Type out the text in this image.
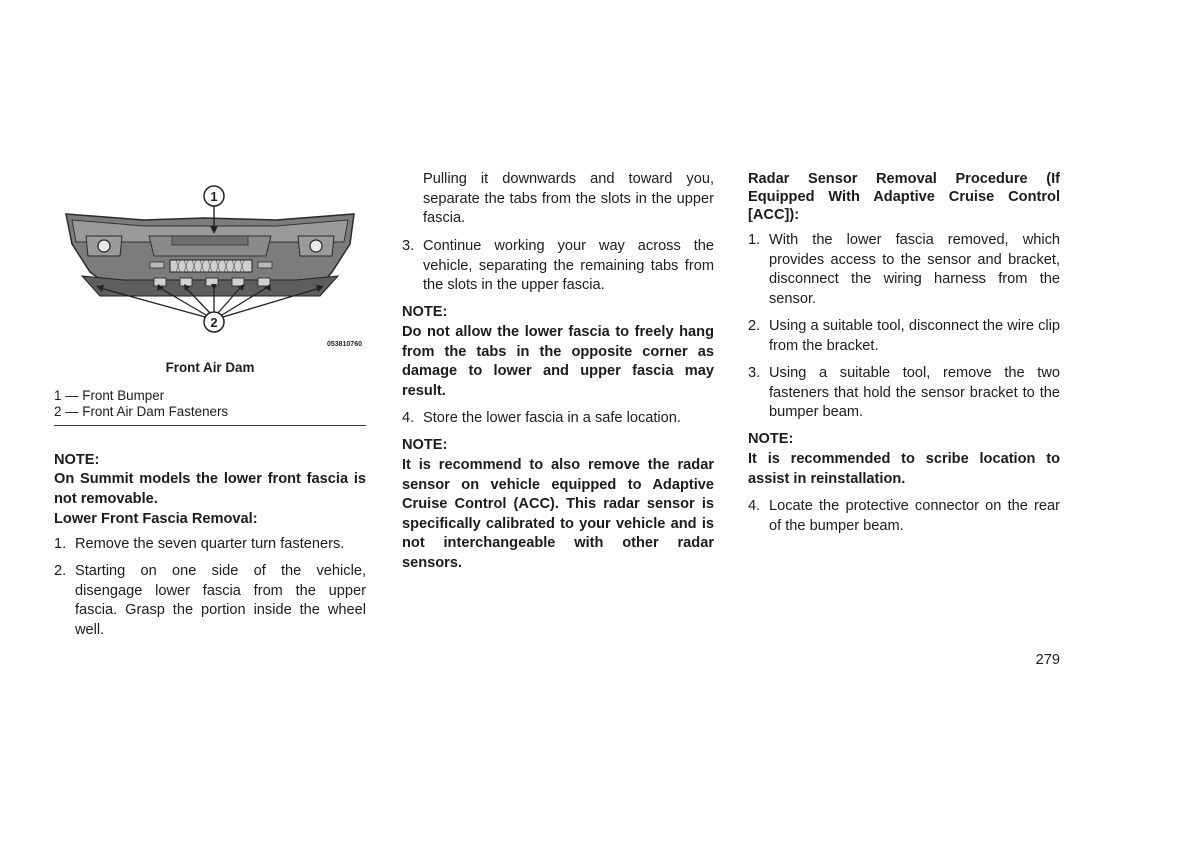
1
2
053810760
Front Air Dam
1 — Front Bumper
2 — Front Air Dam Fasteners

NOTE:

On Summit models the lower front fascia is not removable.

Lower Front Fascia Removal:

1. Remove the seven quarter turn fasteners.
2. Starting on one side of the vehicle, disengage lower fascia from the upper fascia. Grasp the portion inside the wheel well.

Pulling it downwards and toward you, separate the tabs from the slots in the upper fascia.

3. Continue working your way across the vehicle, separating the remaining tabs from the slots in the upper fascia.

NOTE:

Do not allow the lower fascia to freely hang from the tabs in the opposite corner as damage to lower and upper fascia may result.

4. Store the lower fascia in a safe location.

NOTE:

It is recommend to also remove the radar sensor on vehicle equipped to Adaptive Cruise Control (ACC). This radar sensor is specifically calibrated to your vehicle and is not interchangeable with other radar sensors.

Radar Sensor Removal Procedure (If Equipped With Adaptive Cruise Control [ACC]):

1. With the lower fascia removed, which provides access to the sensor and bracket, disconnect the wiring harness from the sensor.
2. Using a suitable tool, disconnect the wire clip from the bracket.
3. Using a suitable tool, remove the two fasteners that hold the sensor bracket to the bumper beam.

NOTE:

It is recommended to scribe location to assist in reinstallation.

4. Locate the protective connector on the rear of the bumper beam.
279
